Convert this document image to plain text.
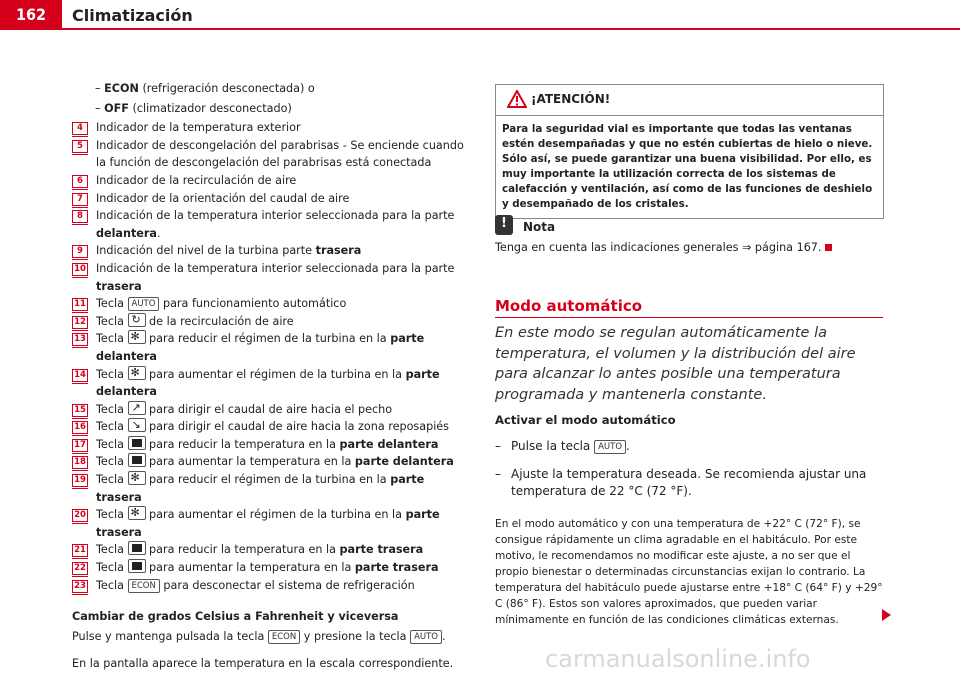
162	Climatización
– ECON (refrigeración desconectada) o
– OFF (climatizador desconectado)
4	Indicador de la temperatura exterior
5	Indicador de descongelación del parabrisas - Se enciende cuando la función de descongelación del parabrisas está conectada
6	Indicador de la recirculación de aire
7	Indicador de la orientación del caudal de aire
8	Indicación de la temperatura interior seleccionada para la parte delantera.
9	Indicación del nivel de la turbina parte trasera
10 Indicación de la temperatura interior seleccionada para la parte trasera
11 Tecla AUTO para funcionamiento automático
12 Tecla ↻ de la recirculación de aire
13 Tecla ✻ para reducir el régimen de la turbina en la parte delantera
14 Tecla ✻ para aumentar el régimen de la turbina en la parte delantera
15 Tecla ↗ para dirigir el caudal de aire hacia el pecho
16 Tecla ↘ para dirigir el caudal de aire hacia la zona reposapiés
17 Tecla  para reducir la temperatura en la parte delantera
18 Tecla  para aumentar la temperatura en la parte delantera
19 Tecla ✻ para reducir el régimen de la turbina en la parte trasera
20 Tecla ✻ para aumentar el régimen de la turbina en la parte trasera
21 Tecla  para reducir la temperatura en la parte trasera
22 Tecla  para aumentar la temperatura en la parte trasera
23 Tecla ECON para desconectar el sistema de refrigeración
Cambiar de grados Celsius a Fahrenheit y viceversa
Pulse y mantenga pulsada la tecla ECON y presione la tecla AUTO .
En la pantalla aparece la temperatura en la escala correspondiente.
¡ATENCIÓN!
Para la seguridad vial es importante que todas las ventanas estén desempañadas y que no estén cubiertas de hielo o nieve. Sólo así, se puede garantizar una buena visibilidad. Por ello, es muy importante la utilización correcta de los sistemas de calefacción y ventilación, así como de las funciones de deshielo y desempañado de los cristales.
!
Nota
Tenga en cuenta las indicaciones generales ⇒ página 167.
Modo automático
En este modo se regulan automáticamente la temperatura, el volumen y la distribución del aire para alcanzar lo antes posible una temperatura programada y mantenerla constante.
Activar el modo automático
– Pulse la tecla AUTO .
– Ajuste la temperatura deseada. Se recomienda ajustar una temperatura de 22 °C (72 °F).
En el modo automático y con una temperatura de +22° C (72° F), se consigue rápidamente un clima agradable en el habitáculo. Por este motivo, le recomendamos no modificar este ajuste, a no ser que el propio bienestar o determinadas circunstancias exijan lo contrario. La temperatura del habitáculo puede ajustarse entre +18° C (64° F) y +29° C (86° F). Estos son valores aproximados, que pueden variar mínimamente en función de las condiciones climáticas externas.
carmanualsonline.info
